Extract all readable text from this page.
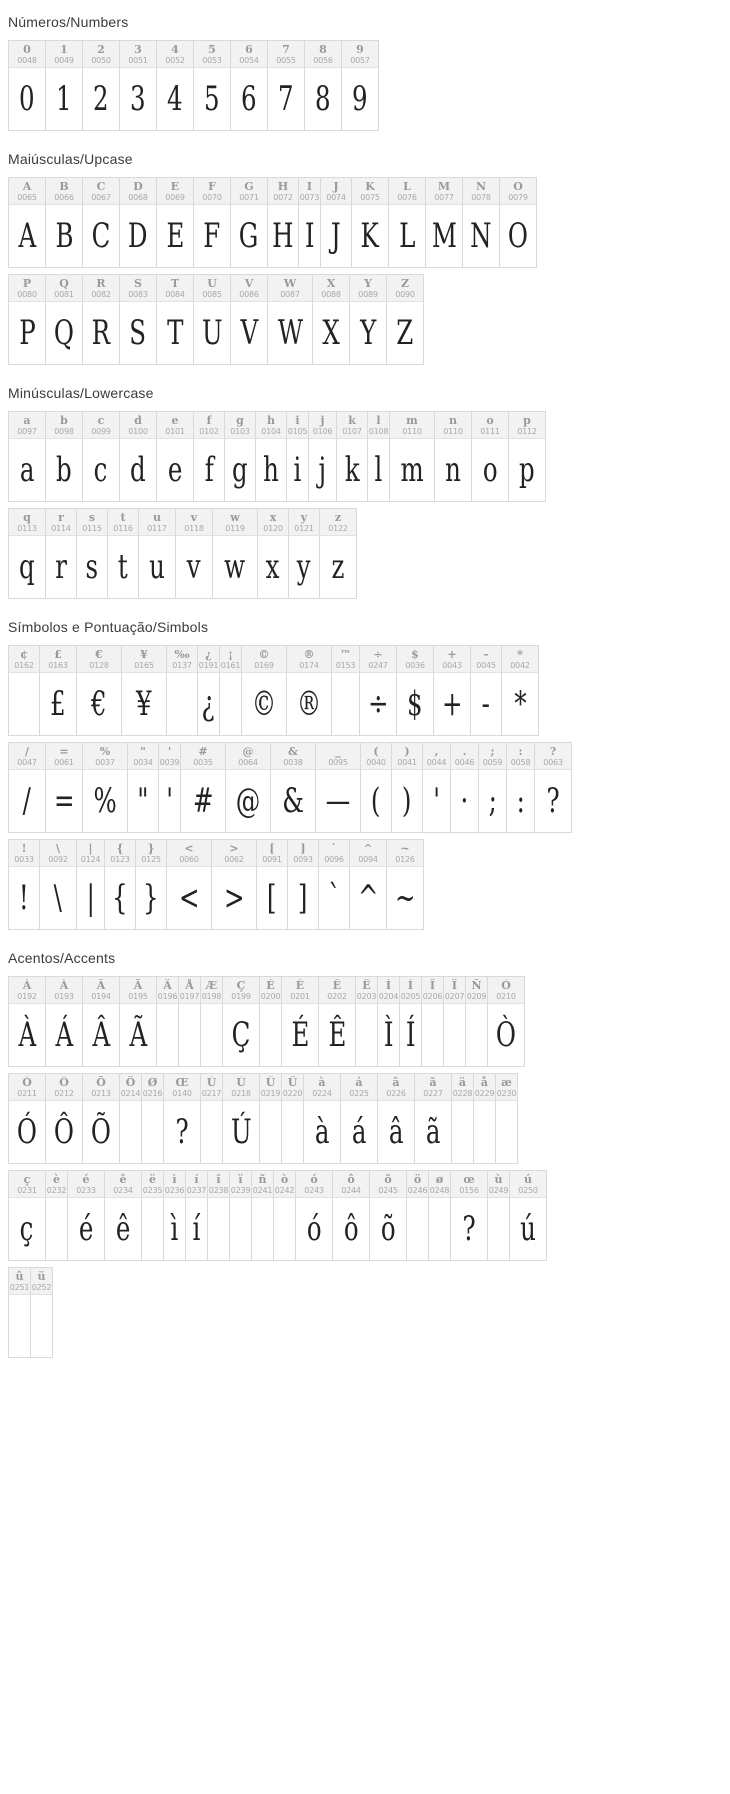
Números/Numbers
0
0048
0
1
0049
1
2
0050
2
3
0051
3
4
0052
4
5
0053
5
6
0054
6
7
0055
7
8
0056
8
9
0057
9
Maiúsculas/Upcase
A
0065
A
B
0066
B
C
0067
C
D
0068
D
E
0069
E
F
0070
F
G
0071
G
H
0072
H
I
0073
I
J
0074
J
K
0075
K
L
0076
L
M
0077
M
N
0078
N
O
0079
O
P
0080
P
Q
0081
Q
R
0082
R
S
0083
S
T
0084
T
U
0085
U
V
0086
V
W
0087
W
X
0088
X
Y
0089
Y
Z
0090
Z
Minúsculas/Lowercase
a
0097
a
b
0098
b
c
0099
c
d
0100
d
e
0101
e
f
0102
f
g
0103
g
h
0104
h
i
0105
i
j
0106
j
k
0107
k
l
0108
l
m
0110
m
n
0110
n
o
0111
o
p
0112
p
q
0113
q
r
0114
r
s
0115
s
t
0116
t
u
0117
u
v
0118
v
w
0119
w
x
0120
x
y
0121
y
z
0122
z
Símbolos e Pontuação/Simbols
¢
0162
£
0163
£
€
0128
€
¥
0165
¥
‰
0137
¿
0191
¿
¡
0161
©
0169
©
®
0174
®
™
0153
÷
0247
÷
$
0036
$
+
0043
+
–
0045
-
*
0042
*
/
0047
/
=
0061
=
%
0037
%
"
0034
"
'
0039
'
#
0035
#
@
0064
@
&
0038
&
_
0095
—
(
0040
(
)
0041
)
,
0044
'
.
0046
·
;
0059
;
:
0058
:
?
0063
?
!
0033
!
\
0092
\
|
0124
|
{
0123
{
}
0125
}
<
0060
<
>
0062
>
[
0091
[
]
0093
]
`
0096
`
^
0094
^
~
0126
~
Acentos/Accents
À
0192
À
Á
0193
Á
Â
0194
Â
Ã
0195
Ã
Ä
0196
Å
0197
Æ
0198
Ç
0199
Ç
È
0200
É
0201
É
Ê
0202
Ê
Ë
0203
Ì
0204
Ì
Í
0205
Í
Î
0206
Ï
0207
Ñ
0209
Ò
0210
Ò
Ó
0211
Ó
Ô
0212
Ô
Õ
0213
Õ
Ö
0214
Ø
0216
Œ
0140
?
Ù
0217
Ú
0218
Ú
Û
0219
Ü
0220
à
0224
à
á
0225
á
â
0226
â
ã
0227
ã
ä
0228
å
0229
æ
0230
ç
0231
ç
è
0232
é
0233
é
ê
0234
ê
ë
0235
ì
0236
ì
í
0237
í
î
0238
ï
0239
ñ
0241
ò
0242
ó
0243
ó
ô
0244
ô
õ
0245
õ
ö
0246
ø
0248
œ
0156
?
ù
0249
ú
0250
ú
û
0251
ü
0252
